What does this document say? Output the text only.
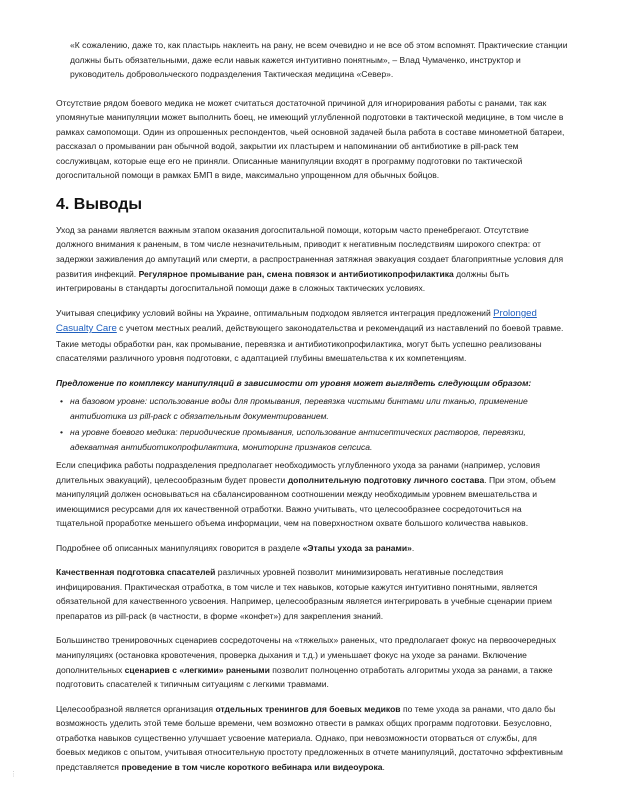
«К сожалению, даже то, как пластырь наклеить на рану, не всем очевидно и не все об этом вспомнят. Практические станции должны быть обязательными, даже если навык кажется интуитивно понятным», – Влад Чумаченко, инструктор и руководитель добровольческого подразделения Тактическая медицина «Север».

Отсутствие рядом боевого медика не может считаться достаточной причиной для игнорирования работы с ранами, так как упомянутые манипуляции может выполнить боец, не имеющий углубленной подготовки в тактической медицине, в том числе в рамках самопомощи. Один из опрошенных респондентов, чьей основной задачей была работа в составе минометной батареи, рассказал о промывании ран обычной водой, закрытии их пластырем и напоминании об антибиотике в pill-pack тем сослуживцам, которые еще его не приняли. Описанные манипуляции входят в программу подготовки по тактической догоспитальной помощи в рамках БМП в виде, максимально упрощенном для обычных бойцов.

4. Выводы

Уход за ранами является важным этапом оказания догоспитальной помощи, которым часто пренебрегают. Отсутствие должного внимания к раненым, в том числе незначительным, приводит к негативным последствиям широкого спектра: от задержки заживления до ампутаций или смерти, а распространенная затяжная эвакуация создает благоприятные условия для развития инфекций. Регулярное промывание ран, смена повязок и антибиотикопрофилактика должны быть интегрированы в стандарты догоспитальной помощи даже в сложных тактических условиях.

Учитывая специфику условий войны на Украине, оптимальным подходом является интеграция предложений Prolonged Casualty Care с учетом местных реалий, действующего законодательства и рекомендаций из наставлений по боевой травме. Такие методы обработки ран, как промывание, перевязка и антибиотикопрофилактика, могут быть успешно реализованы спасателями различного уровня подготовки, с адаптацией глубины вмешательства к их компетенциям.

Предложение по комплексу манипуляций в зависимости от уровня может выглядеть следующим образом:

• на базовом уровне: использование воды для промывания, перевязка чистыми бинтами или тканью, применение антибиотика из pill-pack с обязательным документированием.
• на уровне боевого медика: периодические промывания, использование антисептических растворов, перевязки, адекватная антибиотикопрофилактика, мониторинг признаков сепсиса.

Если специфика работы подразделения предполагает необходимость углубленного ухода за ранами (например, условия длительных эвакуаций), целесообразным будет провести дополнительную подготовку личного состава. При этом, объем манипуляций должен основываться на сбалансированном соотношении между необходимым уровнем вмешательства и имеющимися ресурсами для их качественной отработки. Важно учитывать, что целесообразнее сосредоточиться на тщательной проработке меньшего объема информации, чем на поверхностном охвате большого количества навыков.

Подробнее об описанных манипуляциях говорится в разделе «Этапы ухода за ранами».

Качественная подготовка спасателей различных уровней позволит минимизировать негативные последствия инфицирования. Практическая отработка, в том числе и тех навыков, которые кажутся интуитивно понятными, является обязательной для качественного усвоения. Например, целесообразным является интегрировать в учебные сценарии прием препаратов из pill-pack (в частности, в форме «конфет») для закрепления знаний.

Большинство тренировочных сценариев сосредоточены на «тяжелых» раненых, что предполагает фокус на первоочередных манипуляциях (остановка кровотечения, проверка дыхания и т.д.) и уменьшает фокус на уходе за ранами. Включение дополнительных сценариев с «легкими» ранеными позволит полноценно отработать алгоритмы ухода за ранами, а также подготовить спасателей к типичным ситуациям с легкими травмами.

Целесообразной является организация отдельных тренингов для боевых медиков по теме ухода за ранами, что дало бы возможность уделить этой теме больше времени, чем возможно отвести в рамках общих программ подготовки. Безусловно, отработка навыков существенно улучшает усвоение материала. Однако, при невозможности оторваться от службы, для боевых медиков с опытом, учитывая относительную простоту предложенных в отчете манипуляций, достаточно эффективным представляется проведение в том числе короткого вебинара или видеоурока.

⋮
